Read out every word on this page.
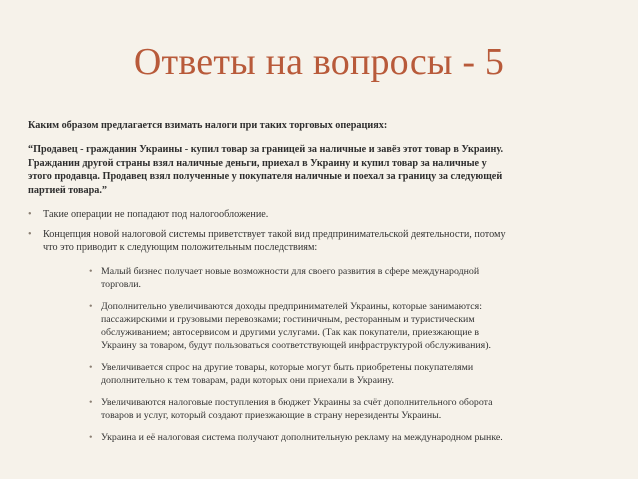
Ответы на вопросы - 5
Каким образом предлагается взимать налоги при таких торговых операциях:
“Продавец - гражданин Украины - купил товар за границей за наличные и завёз этот товар в Украину.
Гражданин другой страны взял наличные деньги, приехал в Украину и купил товар за наличные у
этого продавца. Продавец взял полученные у покупателя наличные и поехал за границу за следующей
партией товара.”
• Такие операции не попадают под налогообложение.
• Концепция новой налоговой системы приветствует такой вид предпринимательской деятельности, потому
что это приводит к следующим положительным последствиям:
• Малый бизнес получает новые возможности для своего развития в сфере международной
торговли.
• Дополнительно увеличиваются доходы предпринимателей Украины, которые занимаются:
пассажирскими и грузовыми перевозками; гостиничным, ресторанным и туристическим
обслуживанием; автосервисом и другими услугами. (Так как покупатели, приезжающие в
Украину за товаром, будут пользоваться соответствующей инфраструктурой обслуживания).
• Увеличивается спрос на другие товары, которые могут быть приобретены покупателями
дополнительно к тем товарам, ради которых они приехали в Украину.
• Увеличиваются налоговые поступления в бюджет Украины за счёт дополнительного оборота
товаров и услуг, который создают приезжающие в страну нерезиденты Украины.
• Украина и её налоговая система получают дополнительную рекламу на международном рынке.
